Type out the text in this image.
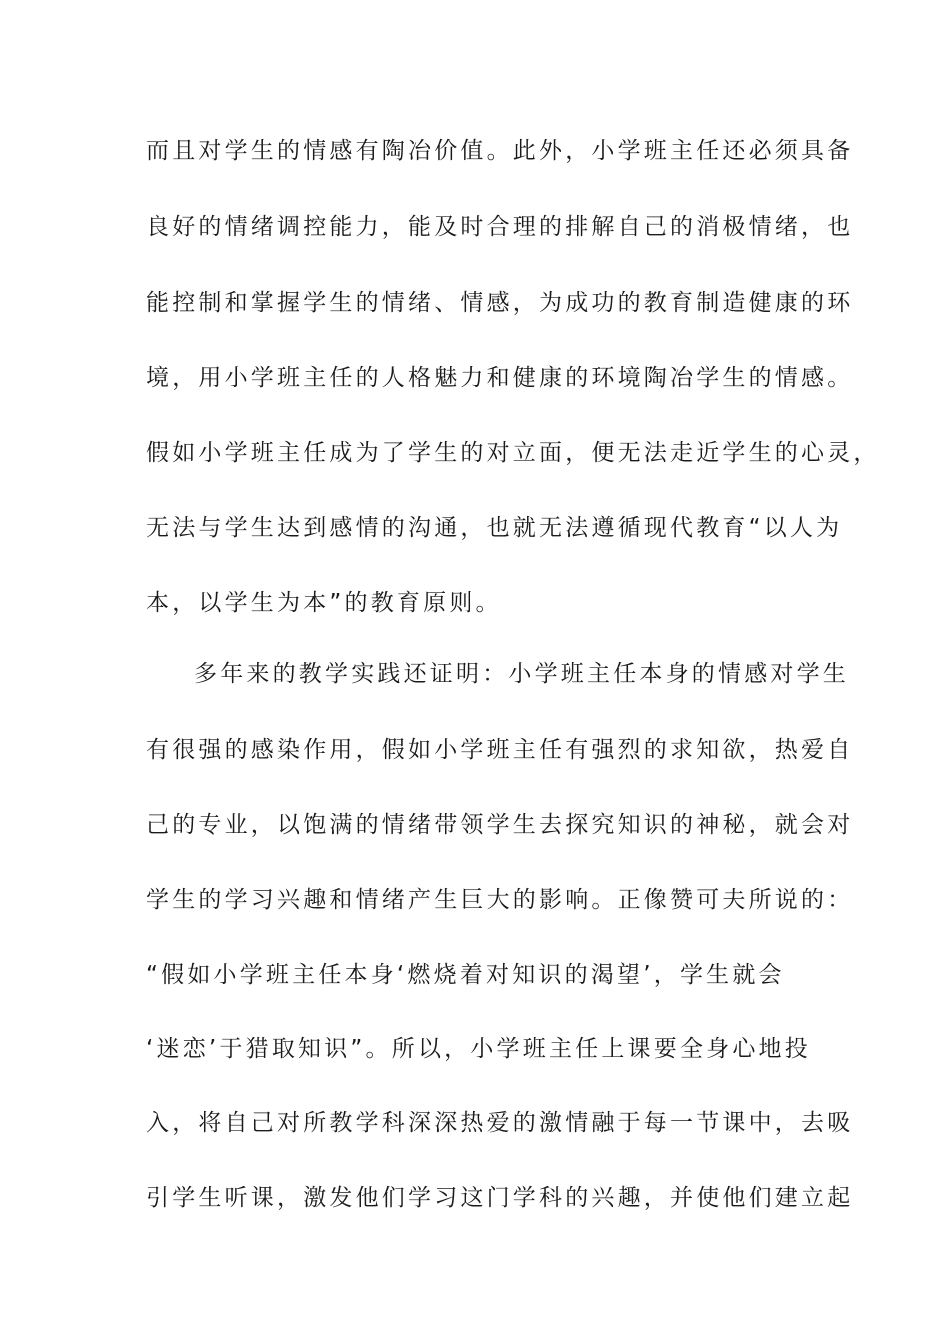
而且对学生的情感有陶冶价值。此外，小学班主任还必须具备
良好的情绪调控能力，能及时合理的排解自己的消极情绪，也
能控制和掌握学生的情绪、情感，为成功的教育制造健康的环
境，用小学班主任的人格魅力和健康的环境陶冶学生的情感。
假如小学班主任成为了学生的对立面，便无法走近学生的心灵，
无法与学生达到感情的沟通，也就无法遵循现代教育“以人为
本，以学生为本”的教育原则。
多年来的教学实践还证明：小学班主任本身的情感对学生
有很强的感染作用，假如小学班主任有强烈的求知欲，热爱自
己的专业，以饱满的情绪带领学生去探究知识的神秘，就会对
学生的学习兴趣和情绪产生巨大的影响。正像赞可夫所说的：
“假如小学班主任本身‘燃烧着对知识的渴望’，学生就会
‘迷恋’于猎取知识”。所以，小学班主任上课要全身心地投
入，将自己对所教学科深深热爱的激情融于每一节课中，去吸
引学生听课，激发他们学习这门学科的兴趣，并使他们建立起
